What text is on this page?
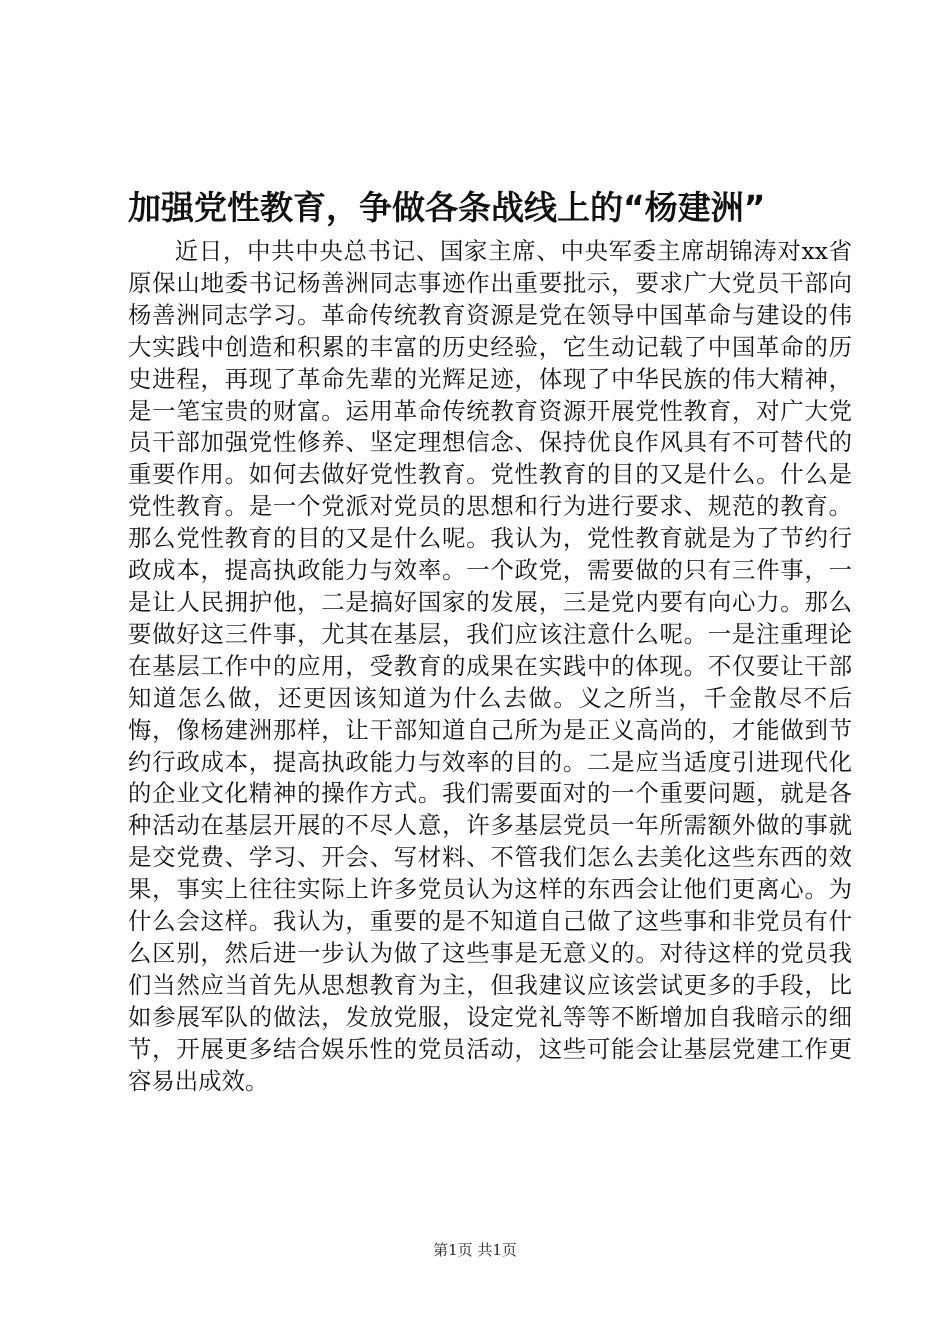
加强党性教育，争做各条战线上的“杨建洲”

近日，中共中央总书记、国家主席、中央军委主席胡锦涛对xx省原保山地委书记杨善洲同志事迹作出重要批示，要求广大党员干部向杨善洲同志学习。革命传统教育资源是党在领导中国革命与建设的伟大实践中创造和积累的丰富的历史经验，它生动记载了中国革命的历史进程，再现了革命先辈的光辉足迹，体现了中华民族的伟大精神，是一笔宝贵的财富。运用革命传统教育资源开展党性教育，对广大党员干部加强党性修养、坚定理想信念、保持优良作风具有不可替代的重要作用。如何去做好党性教育。党性教育的目的又是什么。什么是党性教育。是一个党派对党员的思想和行为进行要求、规范的教育。那么党性教育的目的又是什么呢。我认为，党性教育就是为了节约行政成本，提高执政能力与效率。一个政党，需要做的只有三件事，一是让人民拥护他，二是搞好国家的发展，三是党内要有向心力。那么要做好这三件事，尤其在基层，我们应该注意什么呢。一是注重理论在基层工作中的应用，受教育的成果在实践中的体现。不仅要让干部知道怎么做，还更因该知道为什么去做。义之所当，千金散尽不后悔，像杨建洲那样，让干部知道自己所为是正义高尚的，才能做到节约行政成本，提高执政能力与效率的目的。二是应当适度引进现代化的企业文化精神的操作方式。我们需要面对的一个重要问题，就是各种活动在基层开展的不尽人意，许多基层党员一年所需额外做的事就是交党费、学习、开会、写材料、不管我们怎么去美化这些东西的效果，事实上往往实际上许多党员认为这样的东西会让他们更离心。为什么会这样。我认为，重要的是不知道自己做了这些事和非党员有什么区别，然后进一步认为做了这些事是无意义的。对待这样的党员我们当然应当首先从思想教育为主，但我建议应该尝试更多的手段，比如参展军队的做法，发放党服，设定党礼等等不断增加自我暗示的细节，开展更多结合娱乐性的党员活动，这些可能会让基层党建工作更容易出成效。

第1页 共1页
